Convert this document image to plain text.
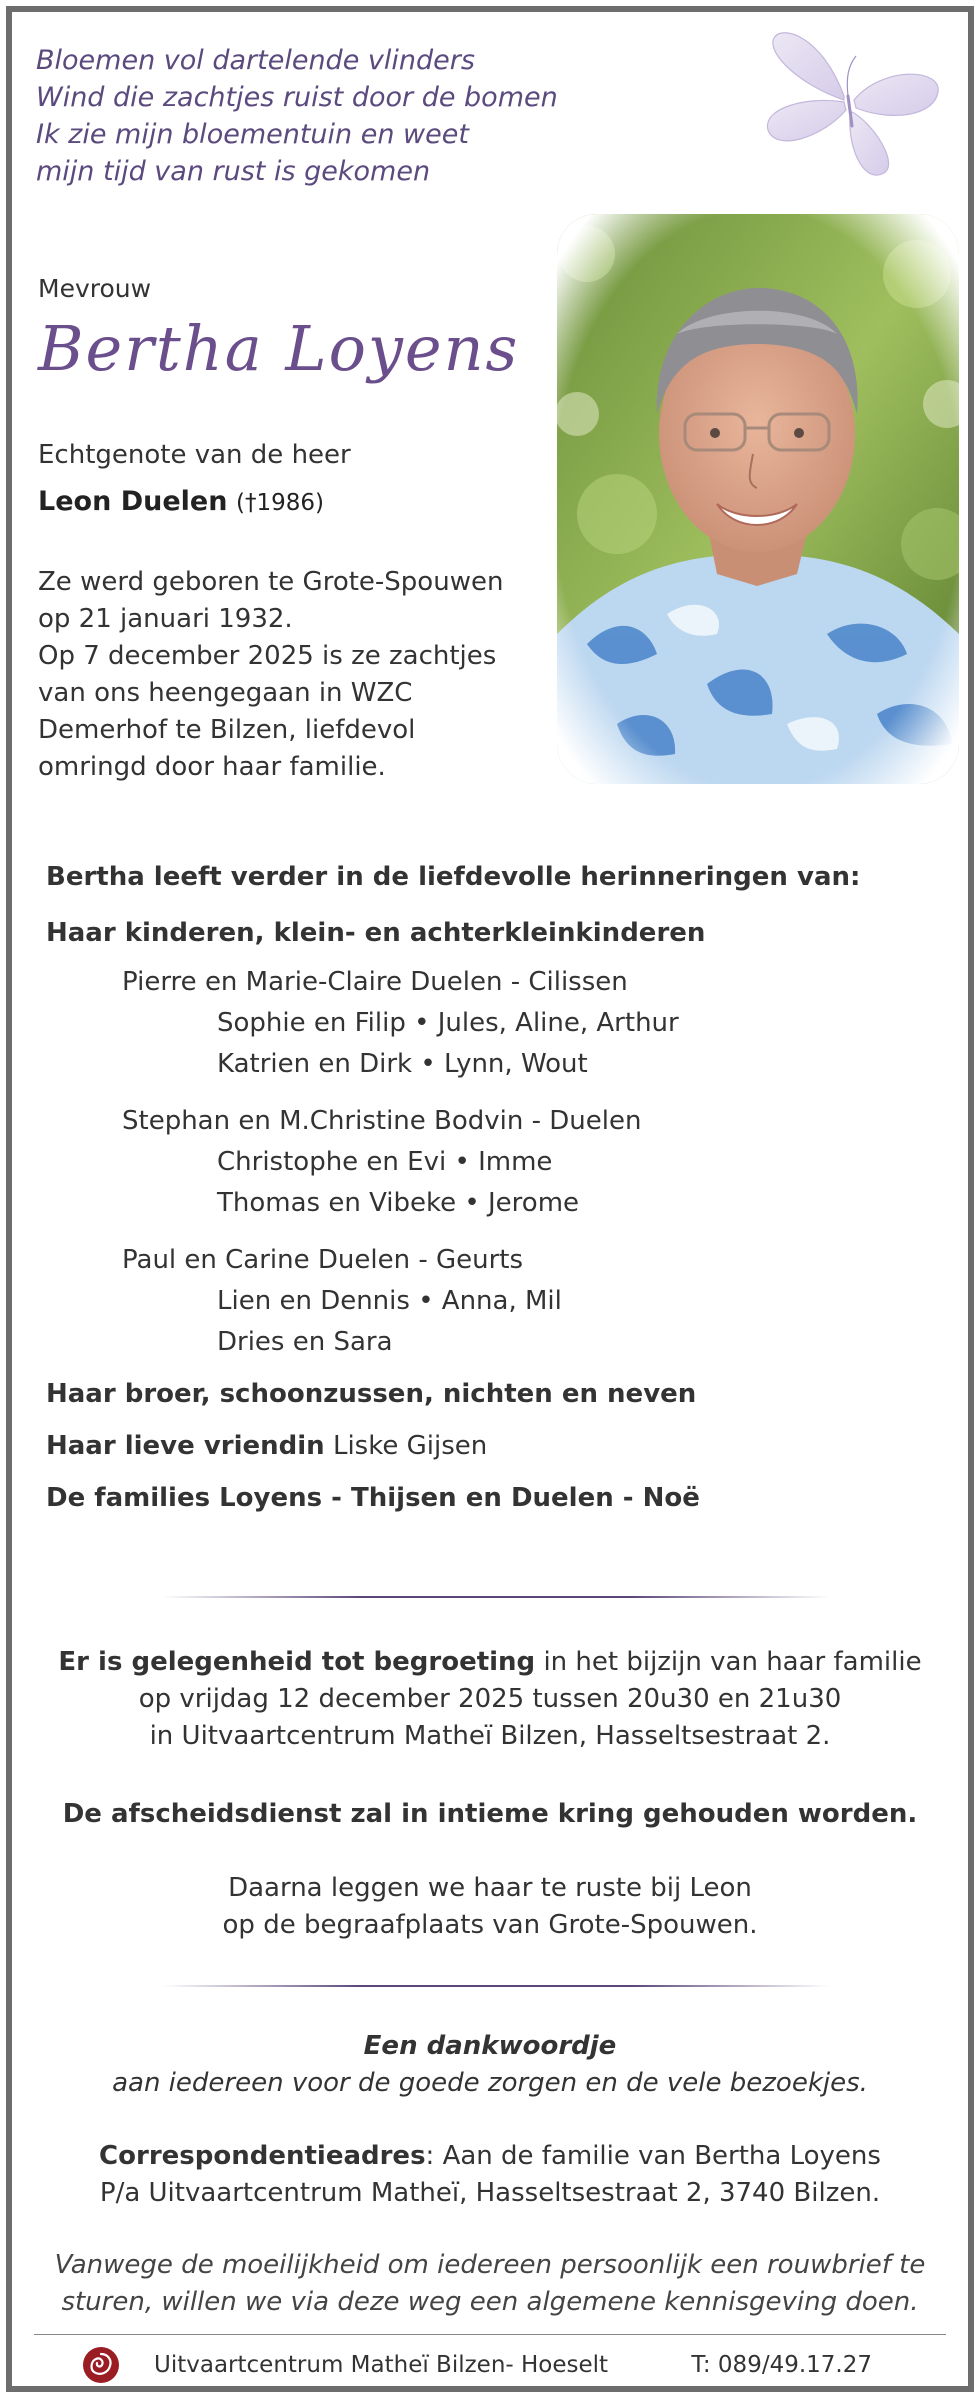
Bloemen vol dartelende vlinders
Wind die zachtjes ruist door de bomen
Ik zie mijn bloementuin en weet
mijn tijd van rust is gekomen
Mevrouw
Bertha Loyens
Echtgenote van de heer
Leon Duelen (†1986)
Ze werd geboren te Grote-Spouwen
op 21 januari 1932.
Op 7 december 2025 is ze zachtjes
van ons heengegaan in WZC
Demerhof te Bilzen, liefdevol
omringd door haar familie.
Bertha leeft verder in de liefdevolle herinneringen van:
Haar kinderen, klein- en achterkleinkinderen
Pierre en Marie-Claire Duelen - Cilissen
Sophie en Filip • Jules, Aline, Arthur
Katrien en Dirk • Lynn, Wout
Stephan en M.Christine Bodvin - Duelen
Christophe en Evi • Imme
Thomas en Vibeke • Jerome
Paul en Carine Duelen - Geurts
Lien en Dennis • Anna, Mil
Dries en Sara
Haar broer, schoonzussen, nichten en neven
Haar lieve vriendin Liske Gijsen
De families Loyens - Thijsen en Duelen - Noë
Er is gelegenheid tot begroeting in het bijzijn van haar familie
op vrijdag 12 december 2025 tussen 20u30 en 21u30
in Uitvaartcentrum Matheï Bilzen, Hasseltsestraat 2.
De afscheidsdienst zal in intieme kring gehouden worden.
Daarna leggen we haar te ruste bij Leon
op de begraafplaats van Grote-Spouwen.
Een dankwoordje
aan iedereen voor de goede zorgen en de vele bezoekjes.
Correspondentieadres: Aan de familie van Bertha Loyens
P/a Uitvaartcentrum Matheï, Hasseltsestraat 2, 3740 Bilzen.
Vanwege de moeilijkheid om iedereen persoonlijk een rouwbrief te
sturen, willen we via deze weg een algemene kennisgeving doen.
Uitvaartcentrum Matheï Bilzen- Hoeselt	T: 089/49.17.27
